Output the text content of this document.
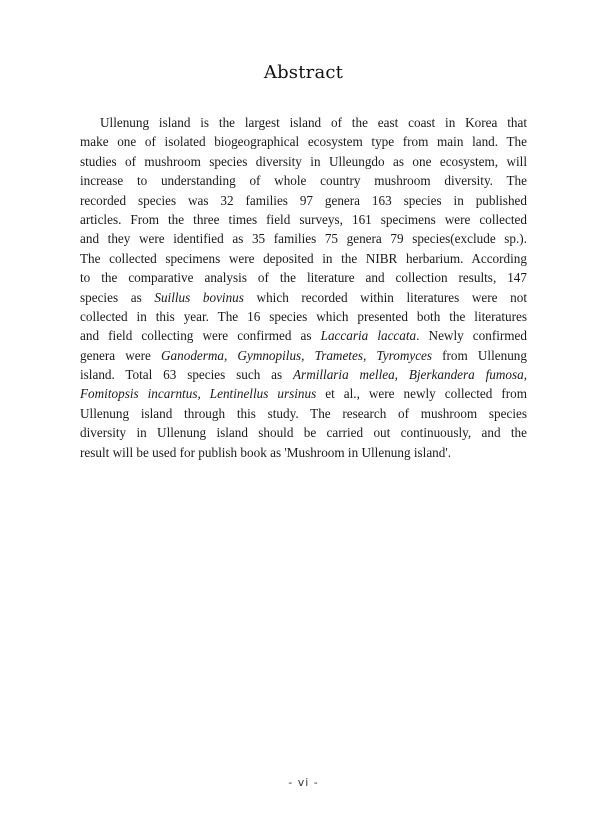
Abstract
Ullenung island is the largest island of the east coast in Korea that
make one of isolated biogeographical ecosystem type from main land. The
studies of mushroom species diversity in Ulleungdo as one ecosystem, will
increase to understanding of whole country mushroom diversity. The
recorded species was 32 families 97 genera 163 species in published
articles. From the three times field surveys, 161 specimens were collected
and they were identified as 35 families 75 genera 79 species(exclude sp.).
The collected specimens were deposited in the NIBR herbarium. According
to the comparative analysis of the literature and collection results, 147
species as Suillus bovinus which recorded within literatures were not
collected in this year. The 16 species which presented both the literatures
and field collecting were confirmed as Laccaria laccata. Newly confirmed
genera were Ganoderma, Gymnopilus, Trametes, Tyromyces from Ullenung
island. Total 63 species such as Armillaria mellea, Bjerkandera fumosa,
Fomitopsis incarntus, Lentinellus ursinus et al., were newly collected from
Ullenung island through this study. The research of mushroom species
diversity in Ullenung island should be carried out continuously, and the
result will be used for publish book as 'Mushroom in Ullenung island'.
- vi -
